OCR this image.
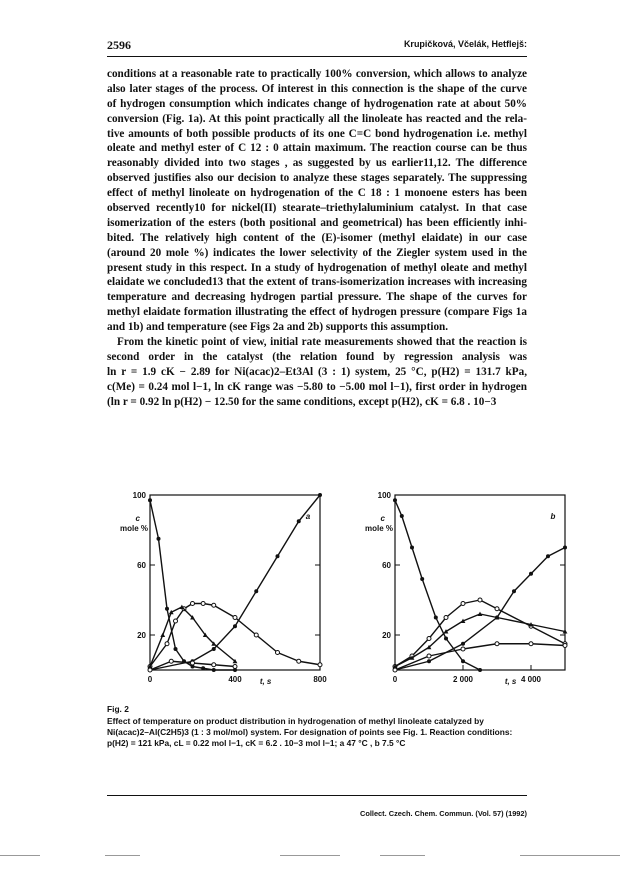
2596	Krupičková, Včelák, Hetflejš:
conditions at a reasonable rate to practically 100% conversion, which allows to analyze
also later stages of the process. Of interest in this connection is the shape of the curve
of hydrogen consumption which indicates change of hydrogenation rate at about 50%
conversion (Fig. 1a). At this point practically all the linoleate has reacted and the rela-
tive amounts of both possible products of its one C=C bond hydrogenation i.e. methyl
oleate and methyl ester of C 12 : 0 attain maximum. The reaction course can be thus
reasonably divided into two stages , as suggested by us earlier11,12. The difference
observed justifies also our decision to analyze these stages separately. The suppressing
effect of methyl linoleate on hydrogenation of the C 18 : 1 monoene esters has been
observed recently10 for nickel(II) stearate–triethylaluminium catalyst. In that case
isomerization of the esters (both positional and geometrical) has been efficiently inhi-
bited. The relatively high content of the (E)-isomer (methyl elaidate) in our case
(around 20 mole %) indicates the lower selectivity of the Ziegler system used in the
present study in this respect. In a study of hydrogenation of methyl oleate and methyl
elaidate we concluded13 that the extent of trans-isomerization increases with increasing
temperature and decreasing hydrogen partial pressure. The shape of the curves for
methyl elaidate formation illustrating the effect of hydrogen pressure (compare Figs 1a
and 1b) and temperature (see Figs 2a and 2b) supports this assumption.
From the kinetic point of view, initial rate measurements showed that the reaction is
second order in the catalyst (the relation found by regression analysis was
ln r = 1.9 cK − 2.89 for Ni(acac)2–Et3Al (3 : 1) system, 25 °C, p(H2) = 131.7 kPa,
c(Me) = 0.24 mol l−1, ln cK range was −5.80 to −5.00 mol l−1), first order in hydrogen
(ln r = 0.92 ln p(H2) − 12.50 for the same conditions, except p(H2), cK = 6.8 . 10−3
20
60
100
0	400	800
c
mole %
t, s
a
20
60
100
0	2 000	4 000
c
mole %
t, s
b
Fig. 2
Effect of temperature on product distribution in hydrogenation of methyl linoleate catalyzed by Ni(acac)2–Al(C2H5)3 (1 : 3 mol/mol) system. For designation of points see Fig. 1. Reaction conditions: p(H2) = 121 kPa, cL = 0.22 mol l−1, cK = 6.2 . 10−3 mol l−1; a 47 °C , b 7.5 °C
Collect. Czech. Chem. Commun. (Vol. 57) (1992)
